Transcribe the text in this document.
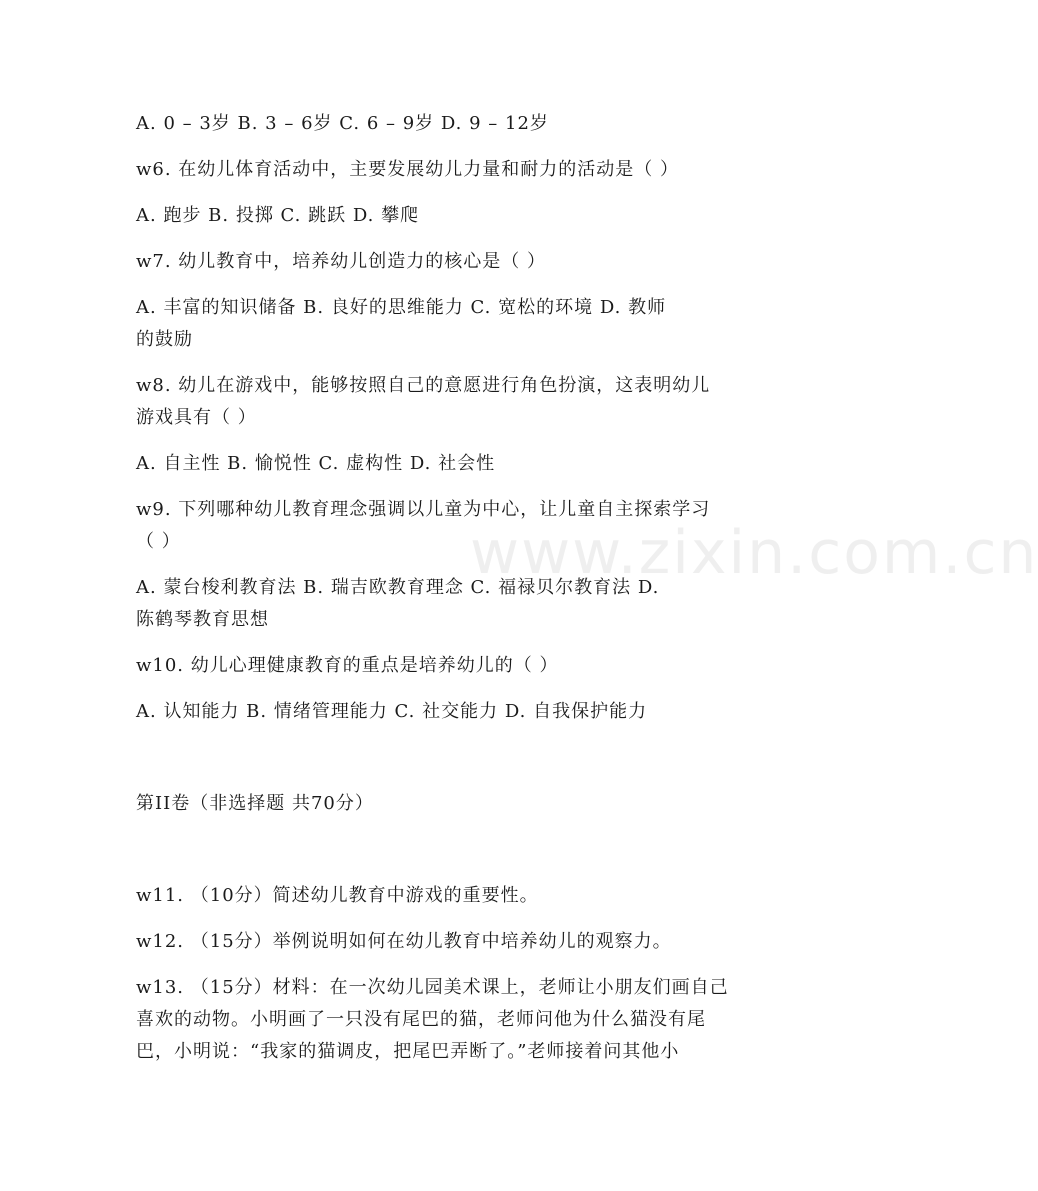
www.zixin.com.cn
A. 0 – 3岁 B. 3 – 6岁 C. 6 – 9岁 D. 9 – 12岁
w6. 在幼儿体育活动中，主要发展幼儿力量和耐力的活动是（ ）
A. 跑步 B. 投掷 C. 跳跃 D. 攀爬
w7. 幼儿教育中，培养幼儿创造力的核心是（ ）
A. 丰富的知识储备 B. 良好的思维能力 C. 宽松的环境 D. 教师
的鼓励
w8. 幼儿在游戏中，能够按照自己的意愿进行角色扮演，这表明幼儿
游戏具有（ ）
A. 自主性 B. 愉悦性 C. 虚构性 D. 社会性
w9. 下列哪种幼儿教育理念强调以儿童为中心，让儿童自主探索学习
（ ）
A. 蒙台梭利教育法 B. 瑞吉欧教育理念 C. 福禄贝尔教育法 D.
陈鹤琴教育思想
w10. 幼儿心理健康教育的重点是培养幼儿的（ ）
A. 认知能力 B. 情绪管理能力 C. 社交能力 D. 自我保护能力
第II卷（非选择题 共70分）
w11. （10分）简述幼儿教育中游戏的重要性。
w12. （15分）举例说明如何在幼儿教育中培养幼儿的观察力。
w13. （15分）材料：在一次幼儿园美术课上，老师让小朋友们画自己
喜欢的动物。小明画了一只没有尾巴的猫，老师问他为什么猫没有尾
巴，小明说：“我家的猫调皮，把尾巴弄断了。”老师接着问其他小
